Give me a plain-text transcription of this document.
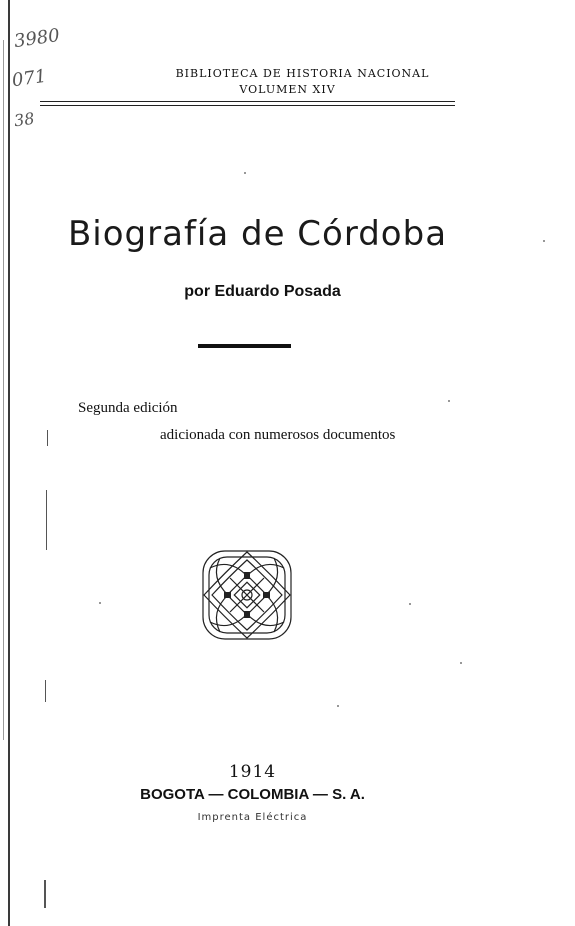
3980
071
38
BIBLIOTECA DE HISTORIA NACIONAL
VOLUMEN XIV
Biografía de Córdoba
por Eduardo Posada
Segunda edición
adicionada con numerosos documentos
1914
BOGOTA — COLOMBIA — S. A.
Imprenta Eléctrica
